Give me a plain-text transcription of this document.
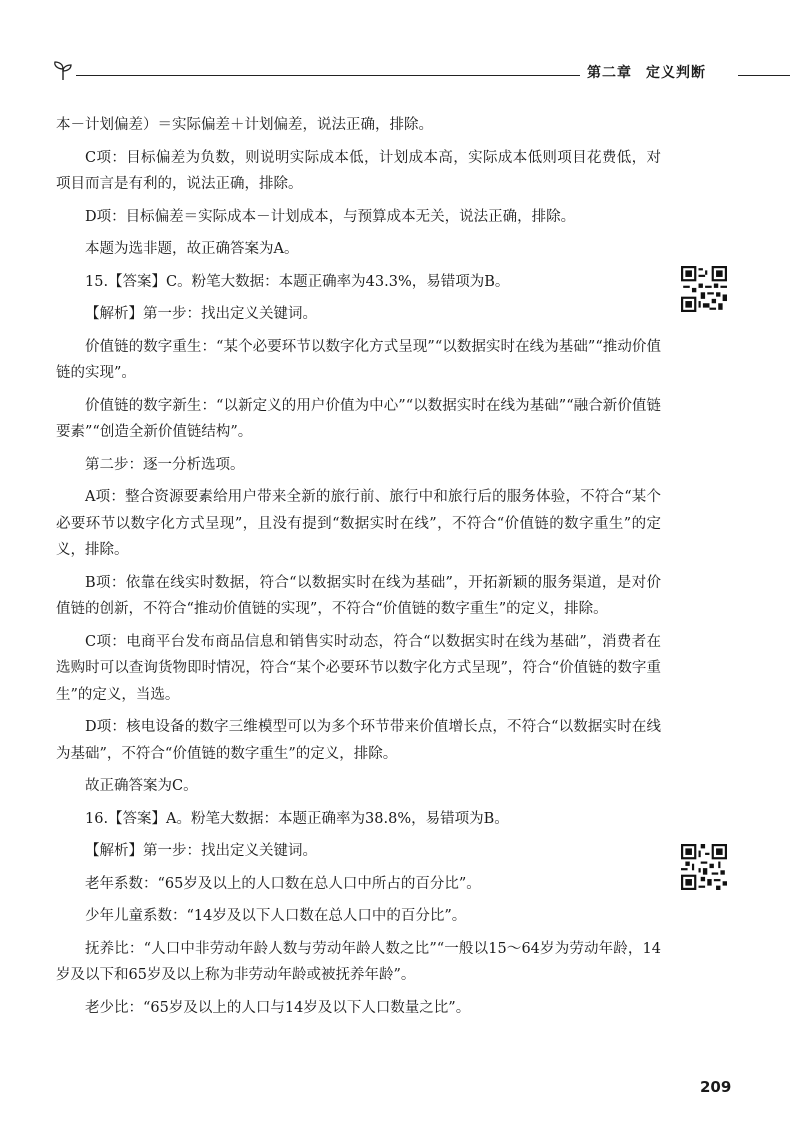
第二章 定义判断

本－计划偏差）＝实际偏差＋计划偏差，说法正确，排除。

C项：目标偏差为负数，则说明实际成本低，计划成本高，实际成本低则项目花费低，对项目而言是有利的，说法正确，排除。

D项：目标偏差＝实际成本－计划成本，与预算成本无关，说法正确，排除。

本题为选非题，故正确答案为A。

15.【答案】C。粉笔大数据：本题正确率为43.3%，易错项为B。

【解析】第一步：找出定义关键词。

价值链的数字重生：“某个必要环节以数字化方式呈现”“以数据实时在线为基础”“推动价值链的实现”。

价值链的数字新生：“以新定义的用户价值为中心”“以数据实时在线为基础”“融合新价值链要素”“创造全新价值链结构”。

第二步：逐一分析选项。

A项：整合资源要素给用户带来全新的旅行前、旅行中和旅行后的服务体验，不符合“某个必要环节以数字化方式呈现”，且没有提到“数据实时在线”，不符合“价值链的数字重生”的定义，排除。

B项：依靠在线实时数据，符合“以数据实时在线为基础”，开拓新颖的服务渠道，是对价值链的创新，不符合“推动价值链的实现”，不符合“价值链的数字重生”的定义，排除。

C项：电商平台发布商品信息和销售实时动态，符合“以数据实时在线为基础”，消费者在选购时可以查询货物即时情况，符合“某个必要环节以数字化方式呈现”，符合“价值链的数字重生”的定义，当选。

D项：核电设备的数字三维模型可以为多个环节带来价值增长点，不符合“以数据实时在线为基础”，不符合“价值链的数字重生”的定义，排除。

故正确答案为C。

16.【答案】A。粉笔大数据：本题正确率为38.8%，易错项为B。

【解析】第一步：找出定义关键词。

老年系数：“65岁及以上的人口数在总人口中所占的百分比”。

少年儿童系数：“14岁及以下人口数在总人口中的百分比”。

抚养比：“人口中非劳动年龄人数与劳动年龄人数之比”“一般以15～64岁为劳动年龄，14岁及以下和65岁及以上称为非劳动年龄或被抚养年龄”。

老少比：“65岁及以上的人口与14岁及以下人口数量之比”。

209
